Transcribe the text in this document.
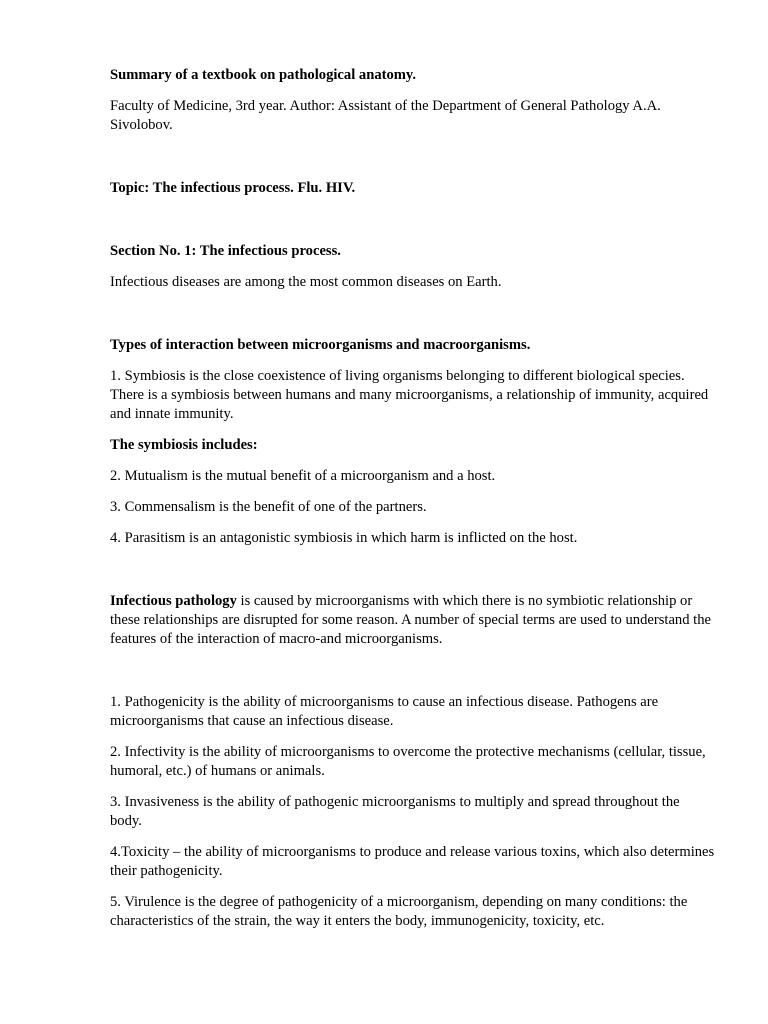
Summary of a textbook on pathological anatomy.

Faculty of Medicine, 3rd year. Author: Assistant of the Department of General Pathology A.A. Sivolobov.

Topic: The infectious process. Flu. HIV.

Section No. 1: The infectious process.

Infectious diseases are among the most common diseases on Earth.

Types of interaction between microorganisms and macroorganisms.

1. Symbiosis is the close coexistence of living organisms belonging to different biological species. There is a symbiosis between humans and many microorganisms, a relationship of immunity, acquired and innate immunity.

The symbiosis includes:

2. Mutualism is the mutual benefit of a microorganism and a host.

3. Commensalism is the benefit of one of the partners.

4. Parasitism is an antagonistic symbiosis in which harm is inflicted on the host.

Infectious pathology is caused by microorganisms with which there is no symbiotic relationship or these relationships are disrupted for some reason. A number of special terms are used to understand the features of the interaction of macro-and microorganisms.

1. Pathogenicity is the ability of microorganisms to cause an infectious disease. Pathogens are microorganisms that cause an infectious disease.

2. Infectivity is the ability of microorganisms to overcome the protective mechanisms (cellular, tissue, humoral, etc.) of humans or animals.

3. Invasiveness is the ability of pathogenic microorganisms to multiply and spread throughout the body.

4.Toxicity – the ability of microorganisms to produce and release various toxins, which also determines their pathogenicity.

5. Virulence is the degree of pathogenicity of a microorganism, depending on many conditions: the characteristics of the strain, the way it enters the body, immunogenicity, toxicity, etc.
